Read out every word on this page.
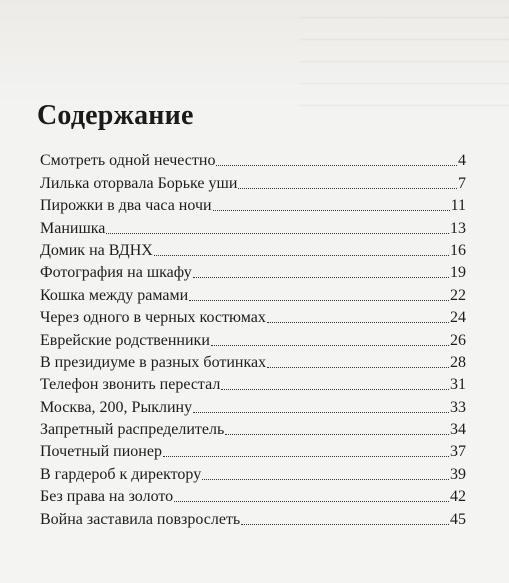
Содержание
Смотреть одной нечестно	4
Лилька оторвала Борьке уши	7
Пирожки в два часа ночи	11
Манишка	13
Домик на ВДНХ	16
Фотография на шкафу	19
Кошка между рамами	22
Через одного в черных костюмах	24
Еврейские родственники	26
В президиуме в разных ботинках	28
Телефон звонить перестал	31
Москва, 200, Рыклину	33
Запретный распределитель	34
Почетный пионер	37
В гардероб к директору	39
Без права на золото	42
Война заставила повзрослеть	45
